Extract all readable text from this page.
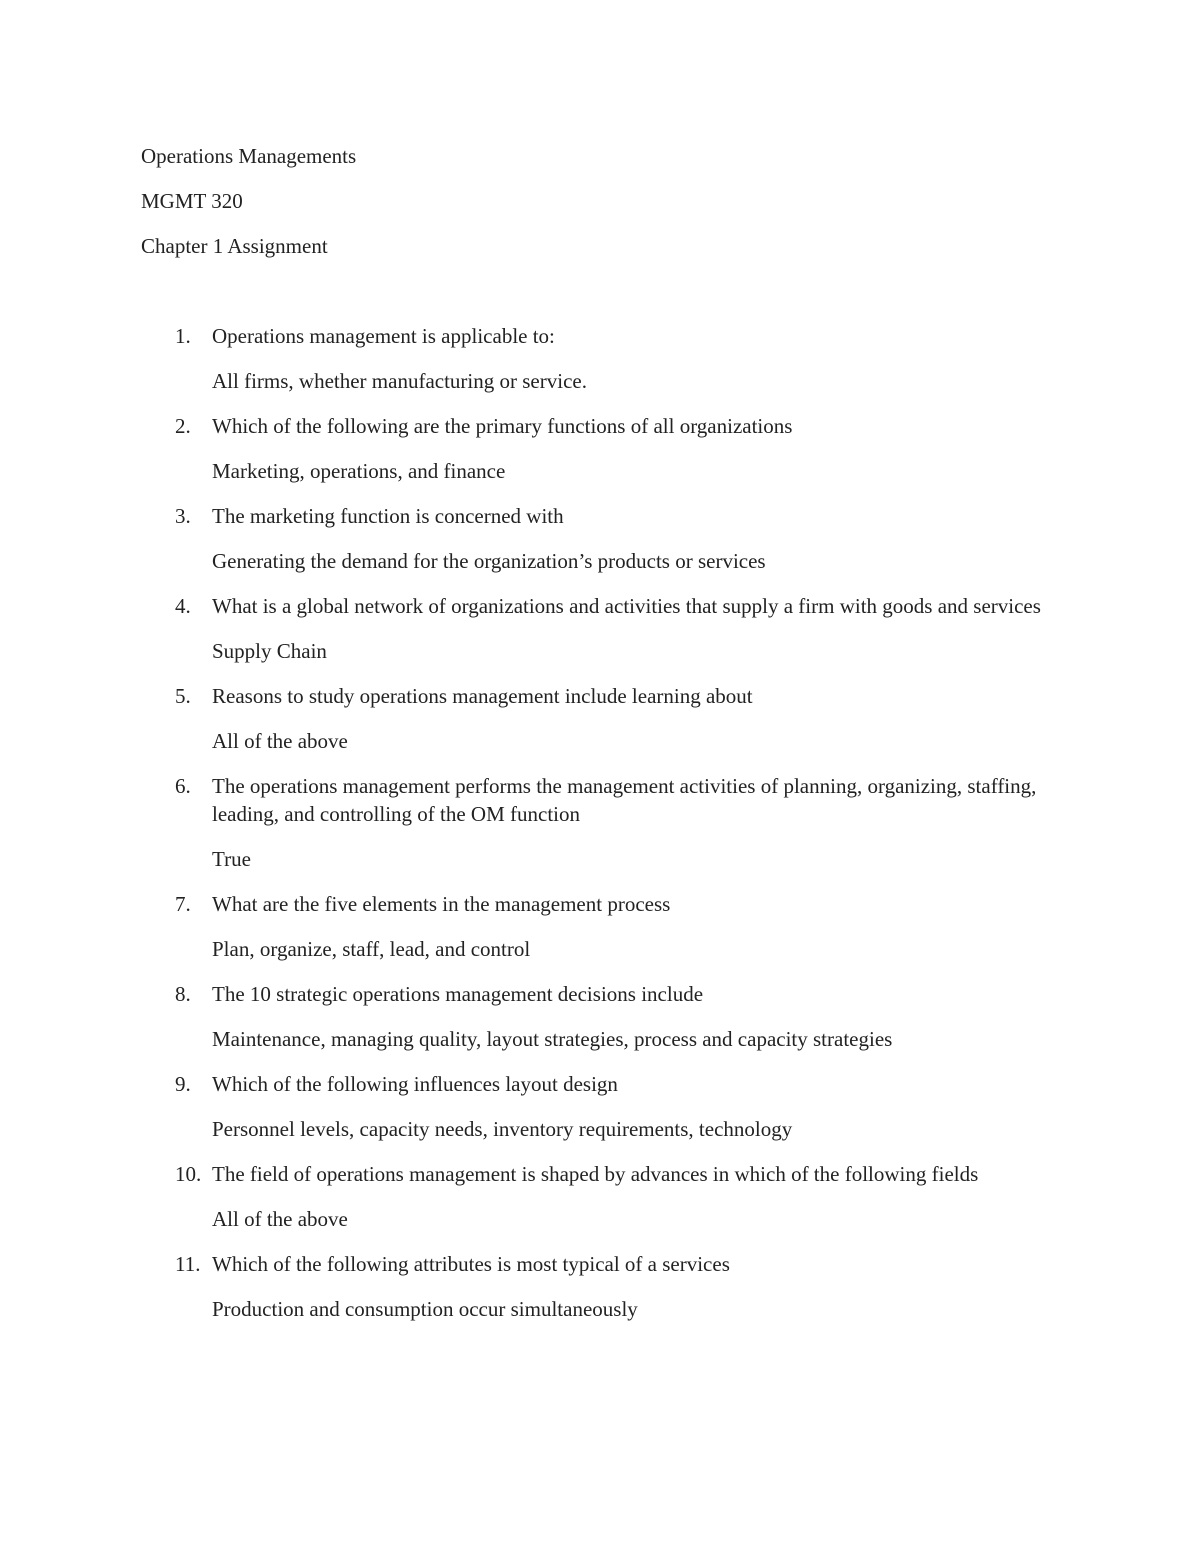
Operations Managements
MGMT 320
Chapter 1 Assignment
1. Operations management is applicable to:
All firms, whether manufacturing or service.
2. Which of the following are the primary functions of all organizations
Marketing, operations, and finance
3. The marketing function is concerned with
Generating the demand for the organization’s products or services
4. What is a global network of organizations and activities that supply a firm with goods and services
Supply Chain
5. Reasons to study operations management include learning about
All of the above
6. The operations management performs the management activities of planning, organizing, staffing, leading, and controlling of the OM function
True
7. What are the five elements in the management process
Plan, organize, staff, lead, and control
8. The 10 strategic operations management decisions include
Maintenance, managing quality, layout strategies, process and capacity strategies
9. Which of the following influences layout design
Personnel levels, capacity needs, inventory requirements, technology
10. The field of operations management is shaped by advances in which of the following fields
All of the above
11. Which of the following attributes is most typical of a services
Production and consumption occur simultaneously
